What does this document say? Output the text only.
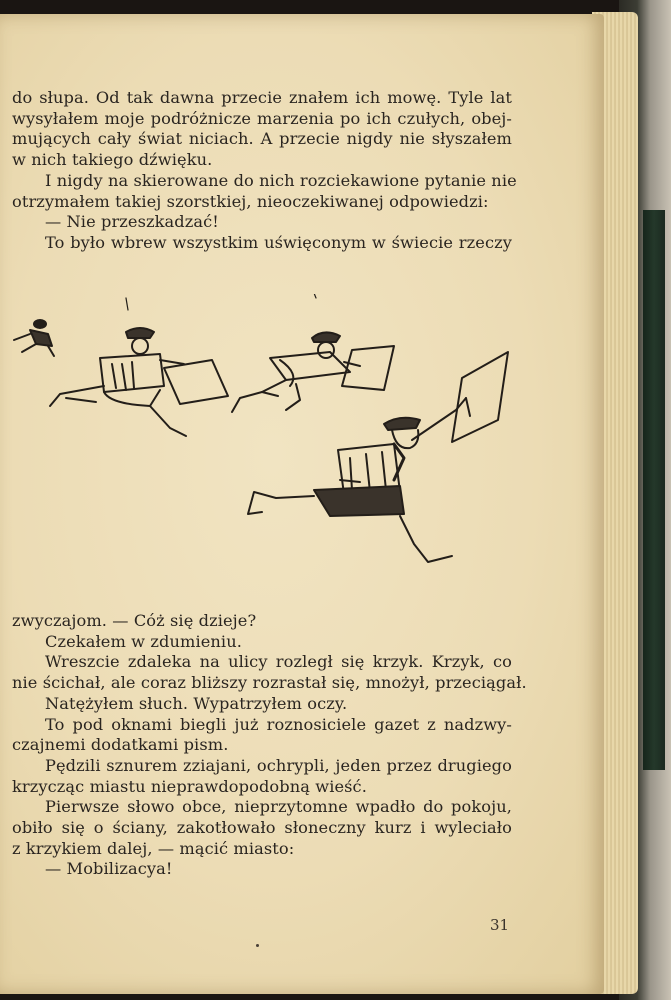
do słupa. Od tak dawna przecie znałem ich mowę. Tyle lat
wysyłałem moje podróżnicze marzenia po ich czułych, obej-
mujących cały świat niciach. A przecie nigdy nie słyszałem
w nich takiego dźwięku.
I nigdy na skierowane do nich rozciekawione pytanie nie
otrzymałem takiej szorstkiej, nieoczekiwanej odpowiedzi:
— Nie przeszkadzać!
To było wbrew wszystkim uświęconym w świecie rzeczy
zwyczajom. — Cóż się dzieje?
Czekałem w zdumieniu.
Wreszcie zdaleka na ulicy rozległ się krzyk. Krzyk, co
nie ścichał, ale coraz bliższy rozrastał się, mnożył, przeciągał.
Natężyłem słuch. Wypatrzyłem oczy.
To pod oknami biegli już roznosiciele gazet z nadzwy-
czajnemi dodatkami pism.
Pędzili sznurem zziajani, ochrypli, jeden przez drugiego
krzycząc miastu nieprawdopodobną wieść.
Pierwsze słowo obce, nieprzytomne wpadło do pokoju,
obiło się o ściany, zakotłowało słoneczny kurz i wyleciało
z krzykiem dalej, — mącić miasto:
— Mobilizacya!
31
